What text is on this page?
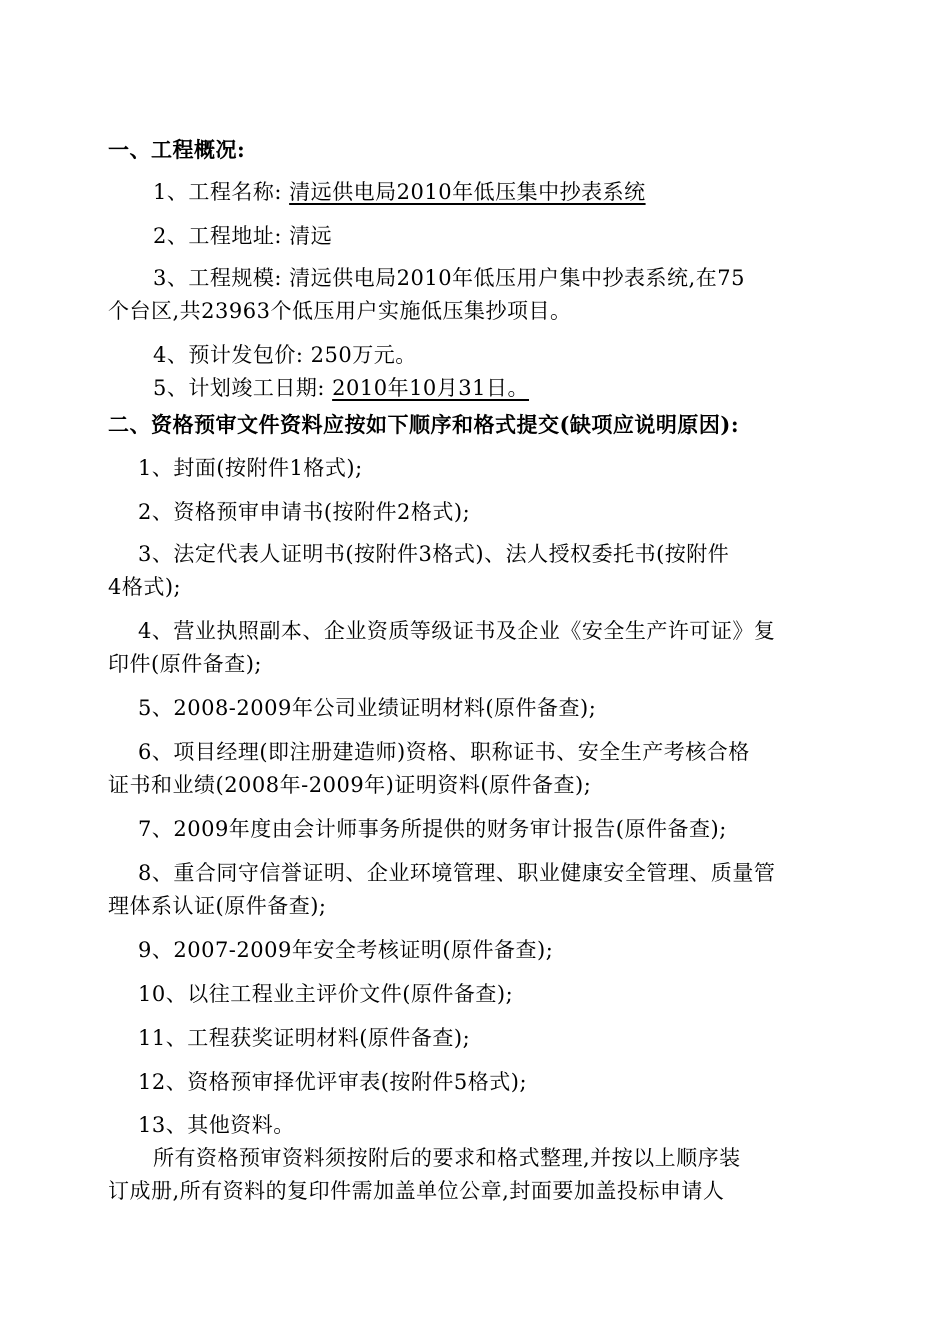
一、工程概况:
1、工程名称: 清远供电局2010年低压集中抄表系统
2、工程地址: 清远
3、工程规模: 清远供电局2010年低压用户集中抄表系统,在75
个台区,共23963个低压用户实施低压集抄项目。
4、预计发包价: 250万元。
5、计划竣工日期: 2010年10月31日。
二、资格预审文件资料应按如下顺序和格式提交(缺项应说明原因):
1、封面(按附件1格式);
2、资格预审申请书(按附件2格式);
3、法定代表人证明书(按附件3格式)、法人授权委托书(按附件
4格式);
4、营业执照副本、企业资质等级证书及企业《安全生产许可证》复
印件(原件备查);
5、2008-2009年公司业绩证明材料(原件备查);
6、项目经理(即注册建造师)资格、职称证书、安全生产考核合格
证书和业绩(2008年-2009年)证明资料(原件备查);
7、2009年度由会计师事务所提供的财务审计报告(原件备查);
8、重合同守信誉证明、企业环境管理、职业健康安全管理、质量管
理体系认证(原件备查);
9、2007-2009年安全考核证明(原件备查);
10、以往工程业主评价文件(原件备查);
11、工程获奖证明材料(原件备查);
12、资格预审择优评审表(按附件5格式);
13、其他资料。
所有资格预审资料须按附后的要求和格式整理,并按以上顺序装
订成册,所有资料的复印件需加盖单位公章,封面要加盖投标申请人
